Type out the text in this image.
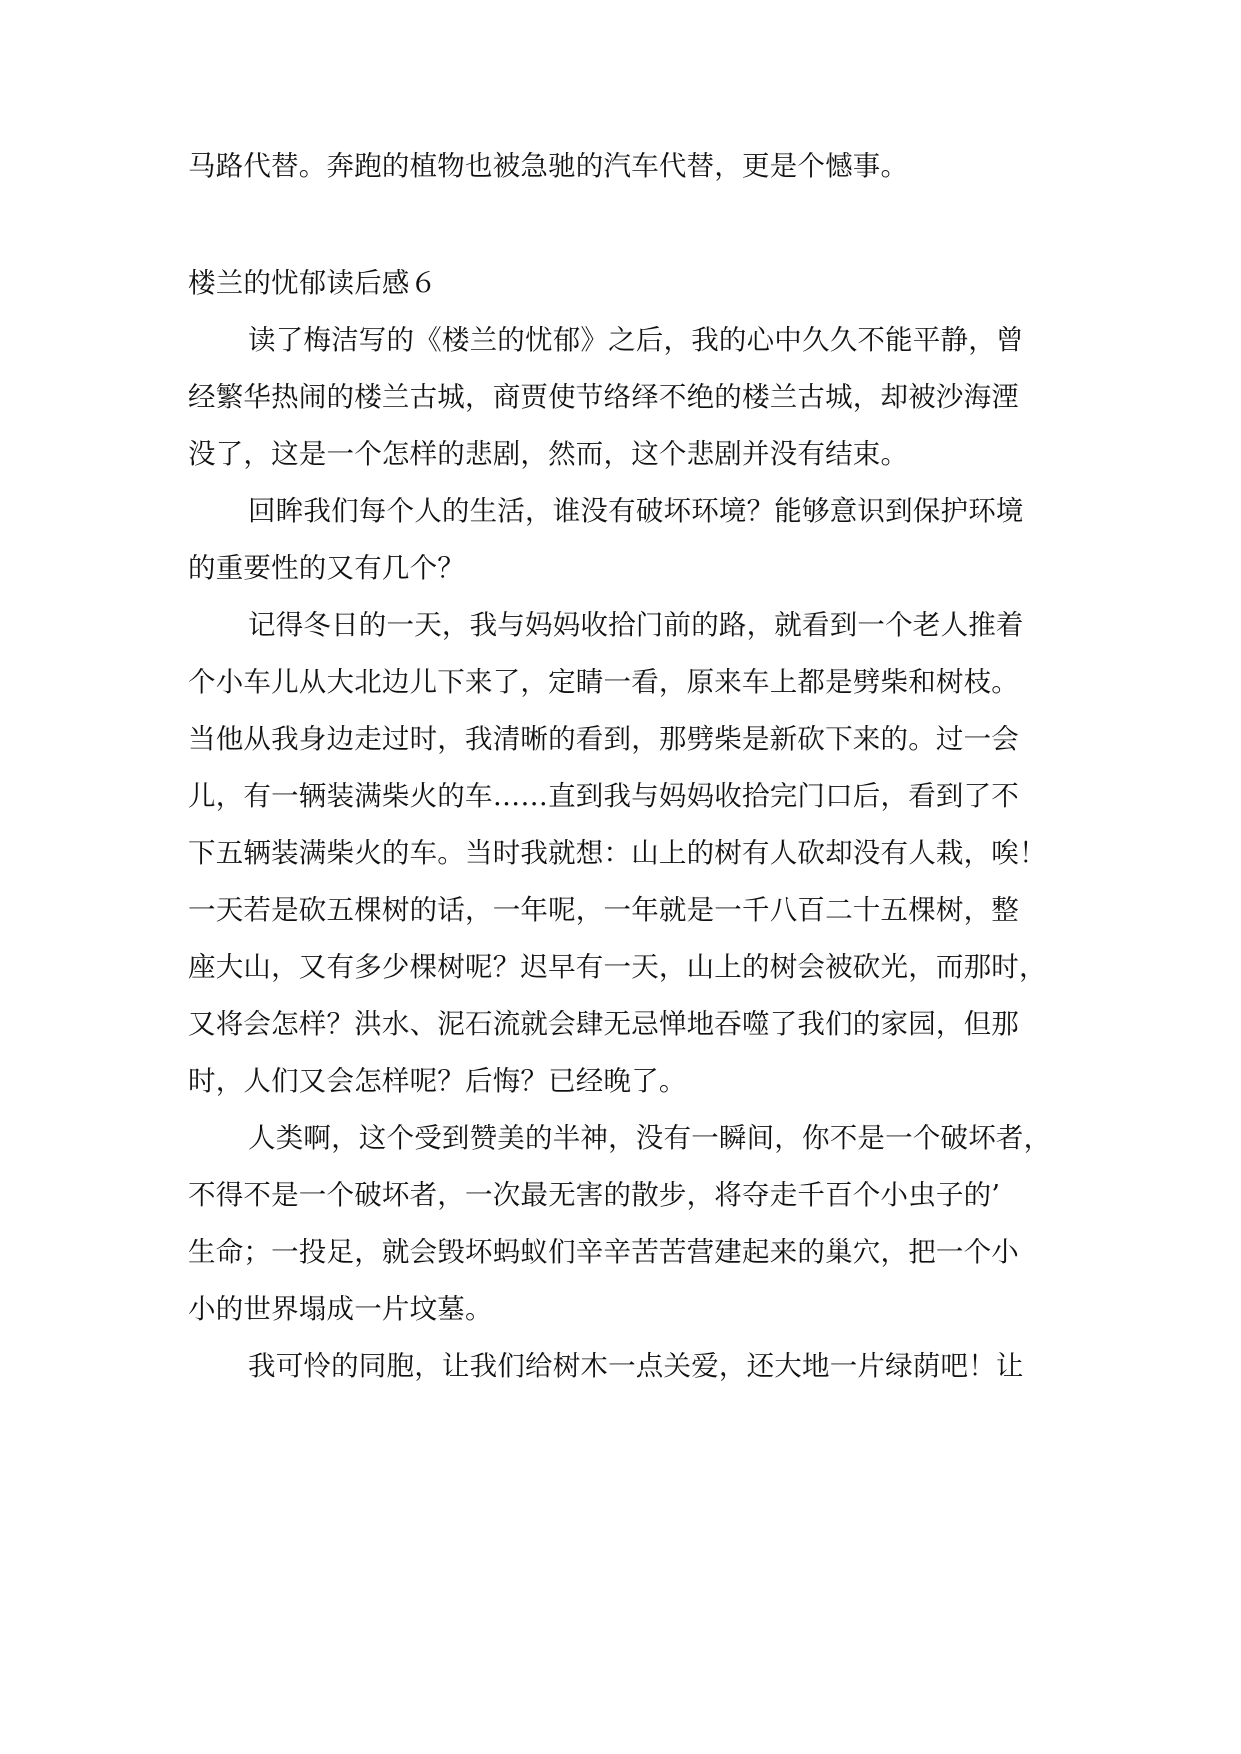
马路代替。奔跑的植物也被急驰的汽车代替，更是个憾事。
楼兰的忧郁读后感６
读了梅洁写的《楼兰的忧郁》之后，我的心中久久不能平静，曾
经繁华热闹的楼兰古城，商贾使节络绎不绝的楼兰古城，却被沙海湮
没了，这是一个怎样的悲剧，然而，这个悲剧并没有结束。
回眸我们每个人的生活，谁没有破坏环境？能够意识到保护环境
的重要性的又有几个？
记得冬日的一天，我与妈妈收拾门前的路，就看到一个老人推着
个小车儿从大北边儿下来了，定睛一看，原来车上都是劈柴和树枝。
当他从我身边走过时，我清晰的看到，那劈柴是新砍下来的。过一会
儿，有一辆装满柴火的车……直到我与妈妈收拾完门口后，看到了不
下五辆装满柴火的车。当时我就想：山上的树有人砍却没有人栽，唉！
一天若是砍五棵树的话，一年呢，一年就是一千八百二十五棵树，整
座大山，又有多少棵树呢？迟早有一天，山上的树会被砍光，而那时，
又将会怎样？洪水、泥石流就会肆无忌惮地吞噬了我们的家园，但那
时，人们又会怎样呢？后悔？已经晚了。
人类啊，这个受到赞美的半神，没有一瞬间，你不是一个破坏者，
不得不是一个破坏者，一次最无害的散步，将夺走千百个小虫子的’
生命；一投足，就会毁坏蚂蚁们辛辛苦苦营建起来的巢穴，把一个小
小的世界塌成一片坟墓。
我可怜的同胞，让我们给树木一点关爱，还大地一片绿荫吧！让
